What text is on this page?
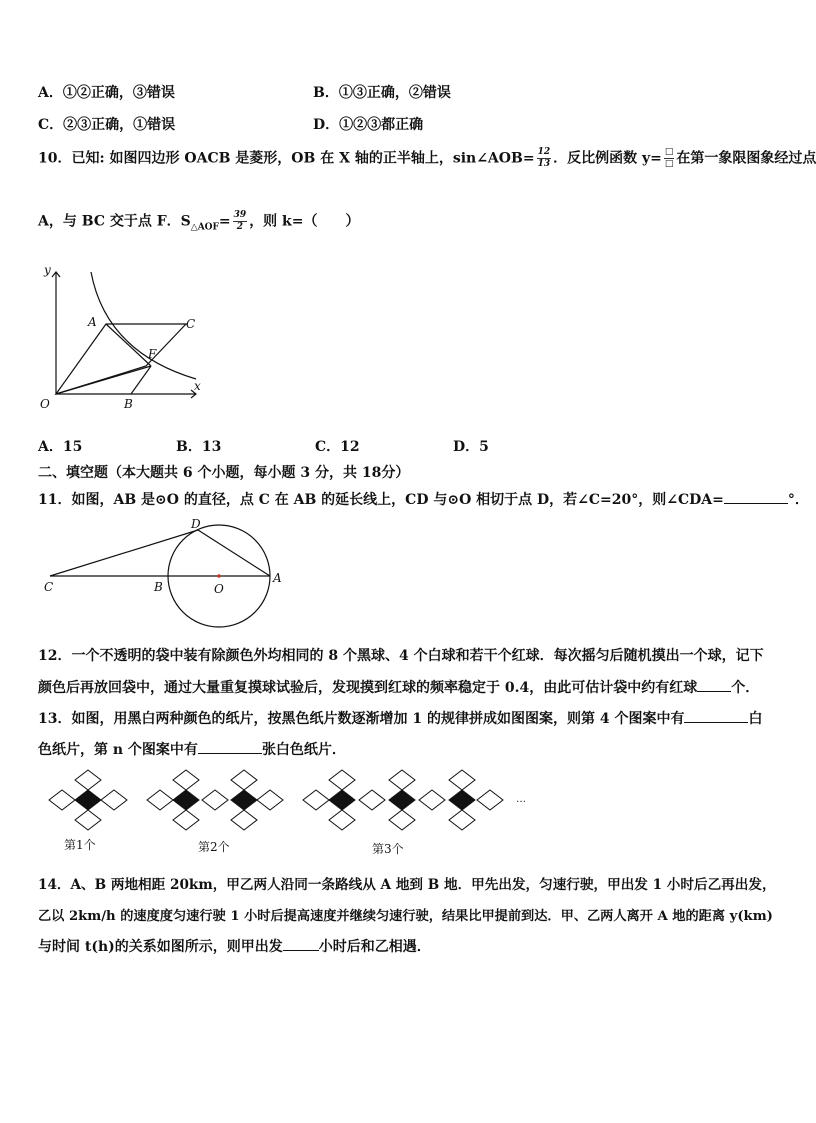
A．①②正确，③错误	B．①③正确，②错误
C．②③正确，①错误	D．①②③都正确
10．已知: 如图四边形 OACB 是菱形，OB 在 X 轴的正半轴上，sin∠AOB= $\frac{12}{13}$ ．反比例函数 $y= \frac{□}{□}$ 在第一象限图象经过点
A，与 BC 交于点 F．$S_{\triangle AOF}= \frac{39}{2}$ ，则 k=（　　）
y
x
O
A
B
C
F
A．15	B．13	C．12	D．5
二、填空题（本大题共 6 个小题，每小题 3 分，共 18分）
11．如图，AB 是⊙O 的直径，点 C 在 AB 的延长线上，CD 与⊙O 相切于点 D，若∠C=20°，则∠CDA=	°．
C	B	O
A
D
12．一个不透明的袋中装有除颜色外均相同的 8 个黑球、4 个白球和若干个红球．每次摇匀后随机摸出一个球，记下
颜色后再放回袋中，通过大量重复摸球试验后，发现摸到红球的频率稳定于 0.4，由此可估计袋中约有红球 个．
13．如图，用黑白两种颜色的纸片，按黑色纸片数逐渐增加 1 的规律拼成如图图案，则第 4 个图案中有	白
色纸片，第 n 个图案中有	张白色纸片．
…
第1个	第2个	第3个
14．A、B 两地相距 20km，甲乙两人沿同一条路线从 A 地到 B 地．甲先出发，匀速行驶，甲出发 1 小时后乙再出发，
乙以 2km/h 的速度度匀速行驶 1 小时后提高速度并继续匀速行驶，结果比甲提前到达．甲、乙两人离开 A 地的距离 y(km)
与时间 t(h)的关系如图所示，则甲出发	小时后和乙相遇．
